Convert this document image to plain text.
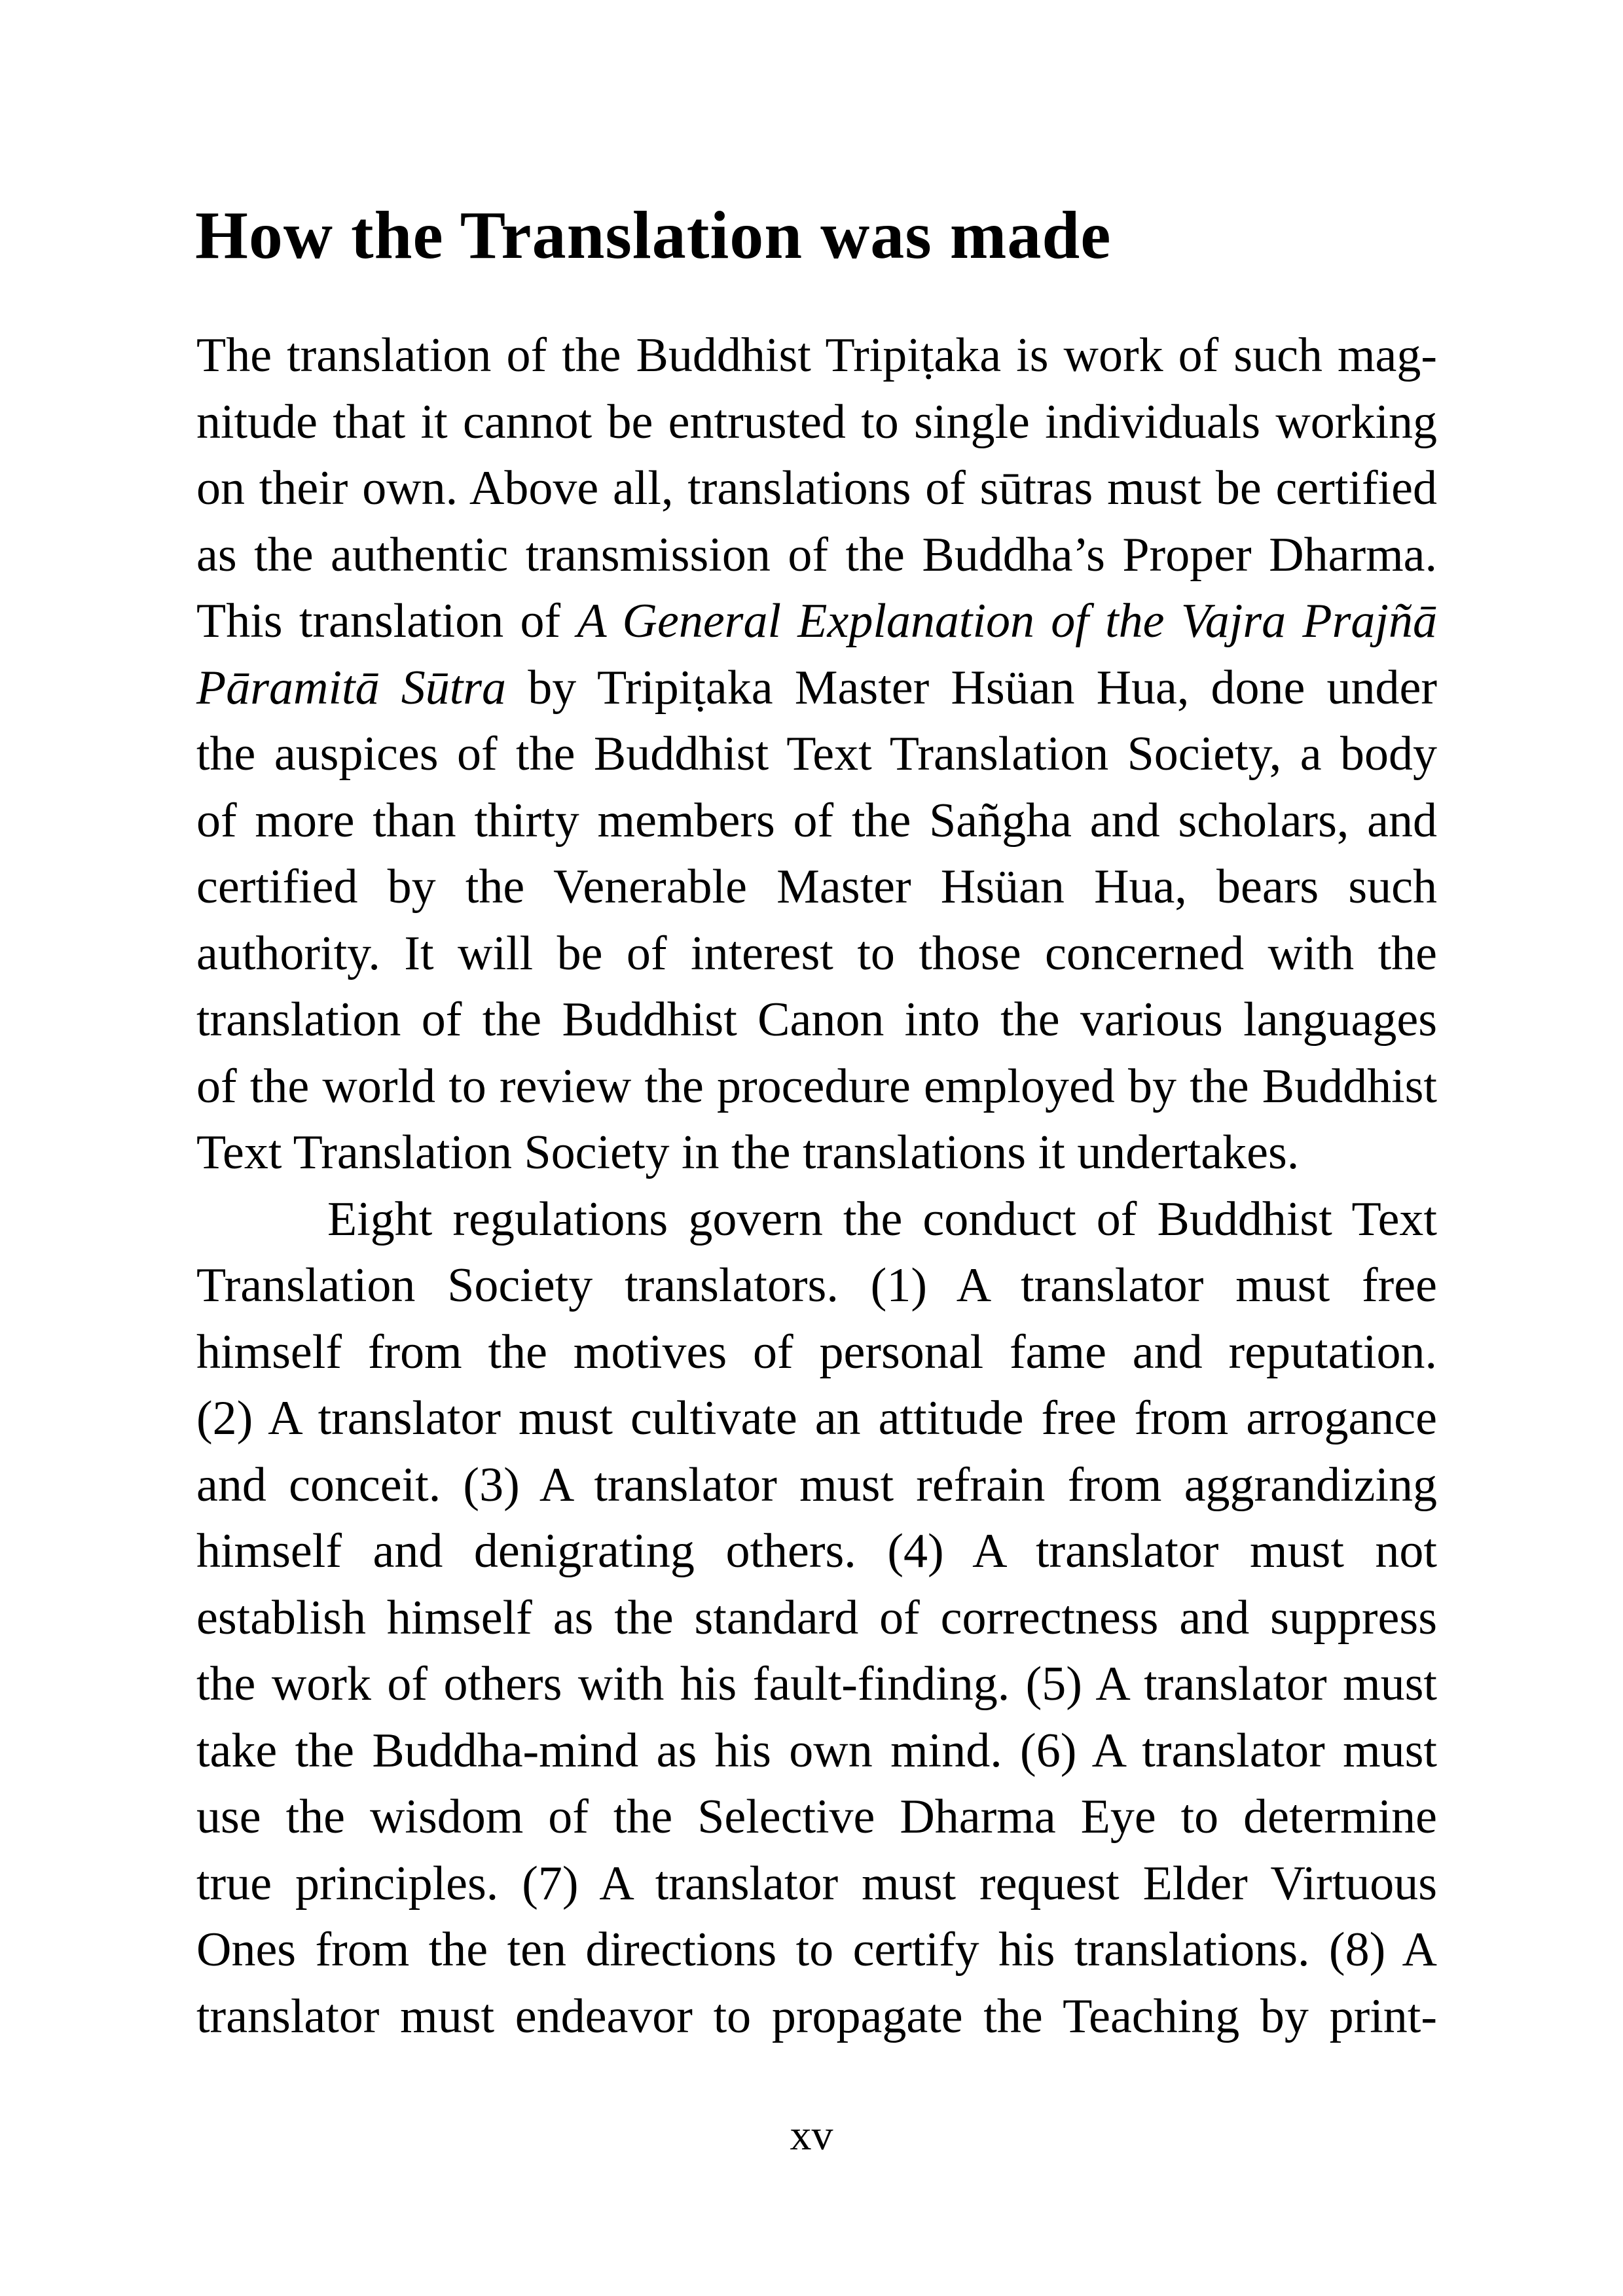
How the Translation was made
The translation of the Buddhist Tripiṭaka is work of such mag-
nitude that it cannot be entrusted to single individuals working
on their own. Above all, translations of sūtras must be certified
as the authentic transmission of the Buddha’s Proper Dharma.
This translation of A General Explanation of the Vajra Prajñā
Pāramitā Sūtra by Tripiṭaka Master Hsüan Hua, done under
the auspices of the Buddhist Text Translation Society, a body
of more than thirty members of the Sañgha and scholars, and
certified by the Venerable Master Hsüan Hua, bears such
authority. It will be of interest to those concerned with the
translation of the Buddhist Canon into the various languages
of the world to review the procedure employed by the Buddhist
Text Translation Society in the translations it undertakes.
Eight regulations govern the conduct of Buddhist Text
Translation Society translators. (1) A translator must free
himself from the motives of personal fame and reputation.
(2) A translator must cultivate an attitude free from arrogance
and conceit. (3) A translator must refrain from aggrandizing
himself and denigrating others. (4) A translator must not
establish himself as the standard of correctness and suppress
the work of others with his fault-finding. (5) A translator must
take the Buddha-mind as his own mind. (6) A translator must
use the wisdom of the Selective Dharma Eye to determine
true principles. (7) A translator must request Elder Virtuous
Ones from the ten directions to certify his translations. (8) A
translator must endeavor to propagate the Teaching by print-
xv
